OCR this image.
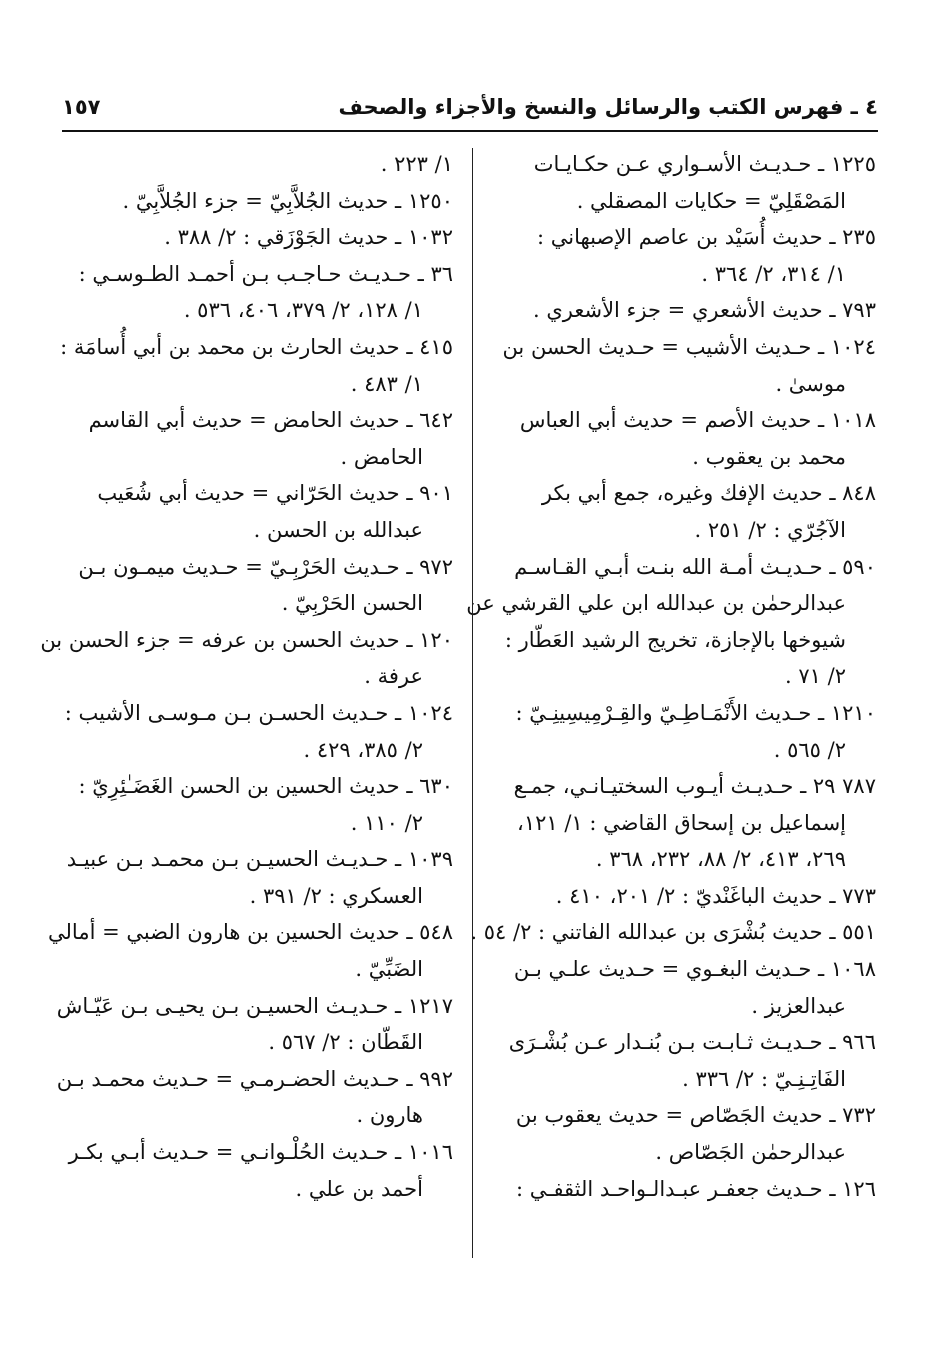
٤ ـ فهرس الكتب والرسائل والنسخ والأجزاء والصحف
١٥٧
١٢٢٥ ـ حـديـث الأسـواري عـن حكـايـات
المَصْقَلِيّ = حكايات المصقلي .
٢٣٥ ـ حديث أُسَيْد بن عاصم الإصبهاني :
١/ ٣١٤، ٢/ ٣٦٤ .
٧٩٣ ـ حديث الأشعري = جزء الأشعري .
١٠٢٤ ـ حـديث الأشيب = حـديث الحسن بن
موسىٰ .
١٠١٨ ـ حديث الأصم = حديث أبي العباس
محمد بن يعقوب .
٨٤٨ ـ حديث الإفك وغيره، جمع أبي بكر
الآجُرّي : ٢/ ٢٥١ .
٥٩٠ ـ حـديـث أمـة الله بنـت أبـي القـاسـم
عبدالرحمٰن بن عبدالله ابن علي القرشي عن
شيوخها بالإجازة، تخريج الرشيد العَطّار :
٢/ ٧١ .
١٢١٠ ـ حـديث الأَنْمَـاطِـيّ والقِـرْمِيسِينِـيّ :
٢/ ٥٦٥ .
٧٨٧ ٢٩ ـ حـديـث أيـوب السختيـانـي، جمـع
إسماعيل بن إسحاق القاضي : ١/ ١٢١،
٢٦٩، ٤١٣، ٢/ ٨٨، ٢٣٢، ٣٦٨ .
٧٧٣ ـ حديث الباغَنْديّ : ٢/ ٢٠١، ٤١٠ .
٥٥١ ـ حديث بُشْرَى بن عبدالله الفاتني : ٢/ ٥٤ .
١٠٦٨ ـ حـديث البغـوي = حـديث علـي بـن
عبدالعزيز .
٩٦٦ ـ حـديـث ثـابـت بـن بُنـدار عـن بُشْـرَى
الفَاتِـنِـيّ : ٢/ ٣٣٦ .
٧٣٢ ـ حديث الجَصّاص = حديث يعقوب بن
عبدالرحمٰن الجَصّاص .
١٢٦ ـ حـديث جعفـر عبـدالـواحـد الثقفـي :
١/ ٢٢٣ .
١٢٥٠ ـ حديث الجُلاَّبِيّ = جزء الجُلاَّبِيّ .
١٠٣٢ ـ حديث الجَوْزَقي : ٢/ ٣٨٨ .
٣٦ ـ حـديـث حـاجـب بـن أحمـد الطـوسـي :
١/ ١٢٨، ٢/ ٣٧٩، ٤٠٦، ٥٣٦ .
٤١٥ ـ حديث الحارث بن محمد بن أبي أُسامَة :
١/ ٤٨٣ .
٦٤٢ ـ حديث الحامض = حديث أبي القاسم
الحامض .
٩٠١ ـ حديث الحَرّاني = حديث أبي شُعَيب
عبدالله بن الحسن .
٩٧٢ ـ حـديث الحَرْبِـيّ = حـديث ميمـون بـن
الحسن الحَرْبِيّ .
١٢٠ ـ حديث الحسن بن عرفه = جزء الحسن بن
عرفة .
١٠٢٤ ـ حـديث الحسـن بـن مـوسـى الأشيب :
٢/ ٣٨٥، ٤٢٩ .
٦٣٠ ـ حديث الحسين بن الحسن الغَضَـٰئِرِيّ :
٢/ ١١٠ .
١٠٣٩ ـ حـديـث الحسيـن بـن محمـد بـن عبيـد
العسكري : ٢/ ٣٩١ .
٥٤٨ ـ حديث الحسين بن هارون الضبي = أمالي
الضَبِّيّ .
١٢١٧ ـ حـديـث الحسيـن بـن يحيـى بـن عَيّـاش
القَطّان : ٢/ ٥٦٧ .
٩٩٢ ـ حـديث الحضـرمـي = حـديث محمـد بـن
هارون .
١٠١٦ ـ حـديث الحُلْـوانـي = حـديث أبـي بكـر
أحمد بن علي .
